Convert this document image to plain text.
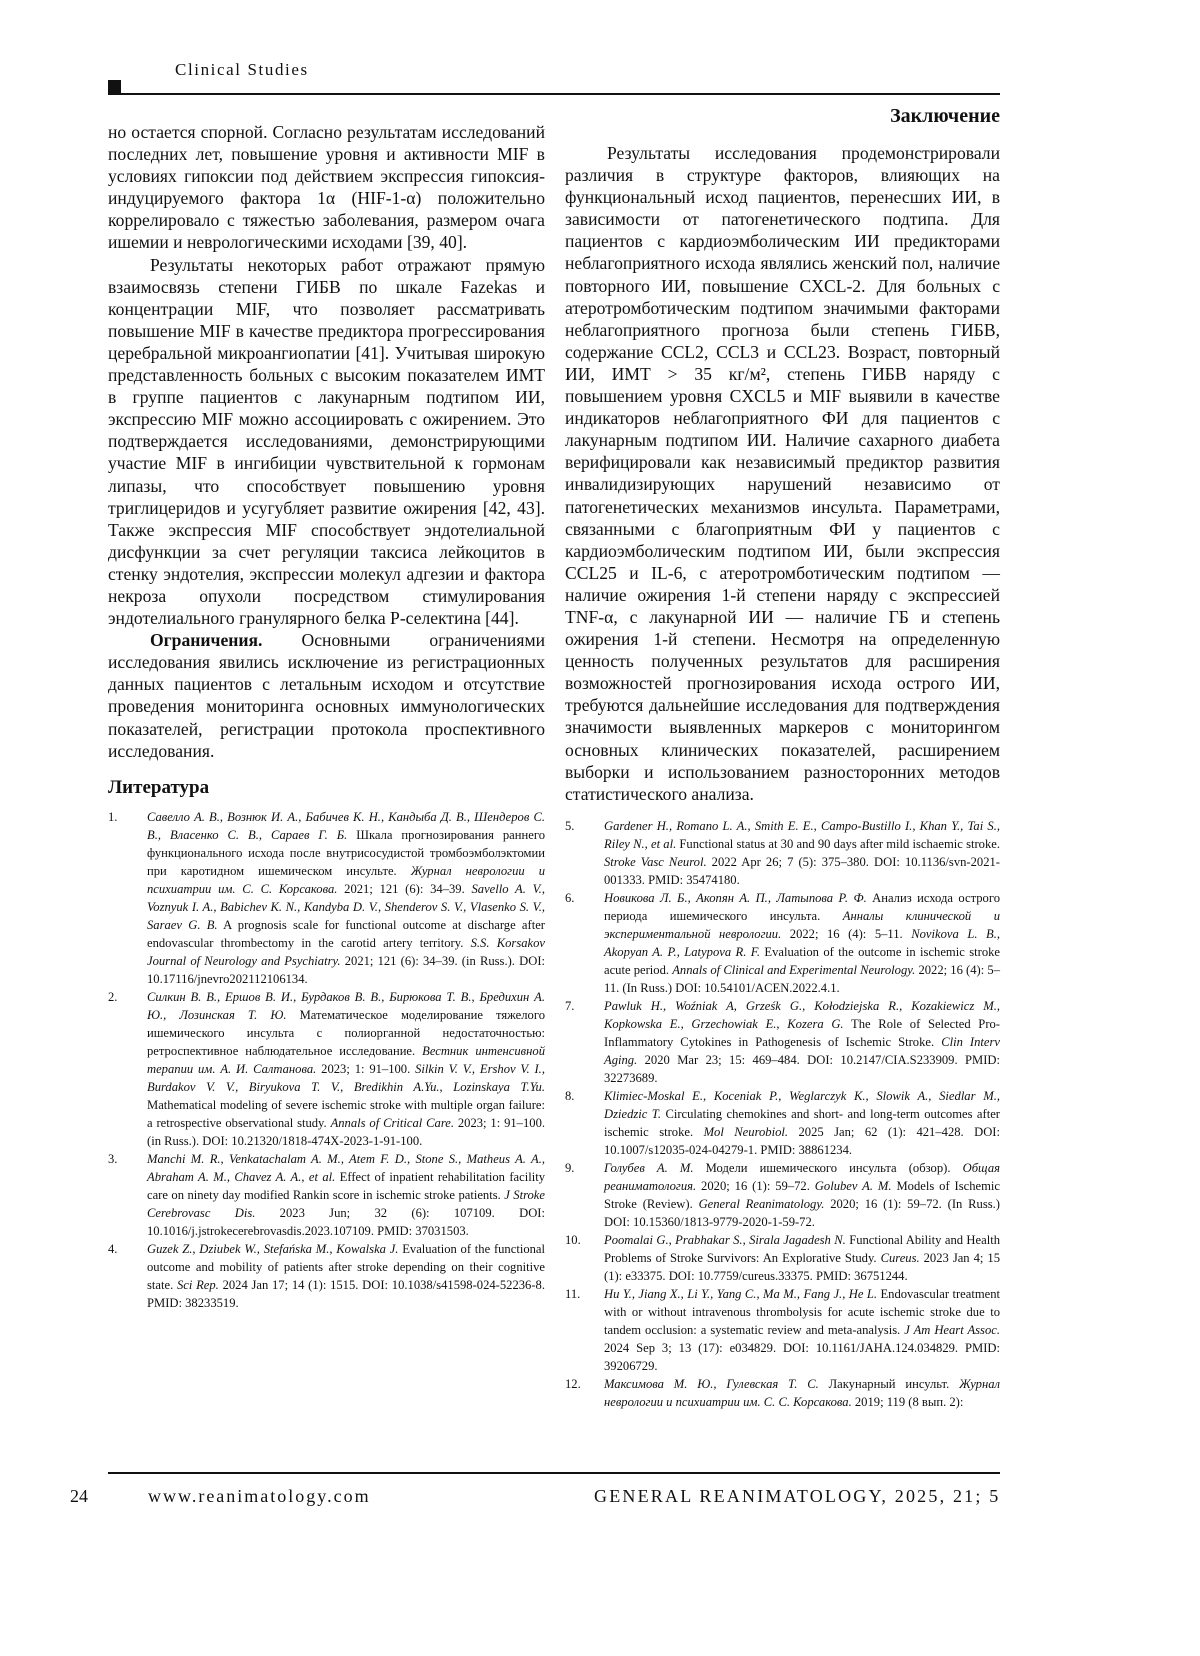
Clinical Studies

но остается спорной. Согласно результатам исследований последних лет, повышение уровня и активности MIF в условиях гипоксии под действием экспрессия гипоксия-индуцируемого фактора 1α (HIF-1-α) положительно коррелировало с тяжестью заболевания, размером очага ишемии и неврологическими исходами [39, 40].

Результаты некоторых работ отражают прямую взаимосвязь степени ГИБВ по шкале Fazekas и концентрации MIF, что позволяет рассматривать повышение MIF в качестве предиктора прогрессирования церебральной микроангиопатии [41]. Учитывая широкую представленность больных с высоким показателем ИМТ в группе пациентов с лакунарным подтипом ИИ, экспрессию MIF можно ассоциировать с ожирением. Это подтверждается исследованиями, демонстрирующими участие MIF в ингибиции чувствительной к гормонам липазы, что способствует повышению уровня триглицеридов и усугубляет развитие ожирения [42, 43]. Также экспрессия MIF способствует эндотелиальной дисфункции за счет регуляции таксиса лейкоцитов в стенку эндотелия, экспрессии молекул адгезии и фактора некроза опухоли посредством стимулирования эндотелиального гранулярного белка P-селектина [44].

Ограничения. Основными ограничениями исследования явились исключение из регистрационных данных пациентов с летальным исходом и отсутствие проведения мониторинга основных иммунологических показателей, регистрации протокола проспективного исследования.

Литература
1.	Савелло А. В., Вознюк И. А., Бабичев К. Н., Кандыба Д. В., Шендеров С. В., Власенко С. В., Сараев Г. Б. Шкала прогнозирования раннего функционального исхода после внутрисосудистой тромбоэмболэктомии при каротидном ишемическом инсульте. Журнал неврологии и психиатрии им. С. С. Корсакова. 2021; 121 (6): 34–39. Savello A. V., Voznyuk I. A., Babichev K. N., Kandyba D. V., Shenderov S. V., Vlasenko S. V., Saraev G. B. A prognosis scale for functional outcome at discharge after endovascular thrombectomy in the carotid artery territory. S.S. Korsakov Journal of Neurology and Psychiatry. 2021; 121 (6): 34–39. (in Russ.). DOI: 10.17116/jnevro202112106134.
2.	Силкин В. В., Ершов В. И., Бурдаков В. В., Бирюкова Т. В., Бредихин А. Ю., Лозинская Т. Ю. Математическое моделирование тяжелого ишемического инсульта с полиорганной недостаточностью: ретроспективное наблюдательное исследование. Вестник интенсивной терапии им. А. И. Салтанова. 2023; 1: 91–100. Silkin V. V., Ershov V. I., Burdakov V. V., Biryukova T. V., Bredikhin A.Yu., Lozinskaya T.Yu. Mathematical modeling of severe ischemic stroke with multiple organ failure: a retrospective observational study. Annals of Critical Care. 2023; 1: 91–100. (in Russ.). DOI: 10.21320/1818-474X-2023-1-91-100.
3.	Manchi M. R., Venkatachalam A. M., Atem F. D., Stone S., Matheus A. A., Abraham A. M., Chavez A. A., et al. Effect of inpatient rehabilitation facility care on ninety day modified Rankin score in ischemic stroke patients. J Stroke Cerebrovasc Dis. 2023 Jun; 32 (6): 107109. DOI: 10.1016/j.jstrokecerebrovasdis.2023.107109. PMID: 37031503.
4.	Guzek Z., Dziubek W., Stefańska M., Kowalska J. Evaluation of the functional outcome and mobility of patients after stroke depending on their cognitive state. Sci Rep. 2024 Jan 17; 14 (1): 1515. DOI: 10.1038/s41598-024-52236-8. PMID: 38233519.
Заключение

Результаты исследования продемонстрировали различия в структуре факторов, влияющих на функциональный исход пациентов, перенесших ИИ, в зависимости от патогенетического подтипа. Для пациентов с кардиоэмболическим ИИ предикторами неблагоприятного исхода являлись женский пол, наличие повторного ИИ, повышение CXCL-2. Для больных с атеротромботическим подтипом значимыми факторами неблагоприятного прогноза были степень ГИБВ, содержание CCL2, CCL3 и CCL23. Возраст, повторный ИИ, ИМТ > 35 кг/м², степень ГИБВ наряду с повышением уровня CXCL5 и MIF выявили в качестве индикаторов неблагоприятного ФИ для пациентов с лакунарным подтипом ИИ. Наличие сахарного диабета верифицировали как независимый предиктор развития инвалидизирующих нарушений независимо от патогенетических механизмов инсульта. Параметрами, связанными с благоприятным ФИ у пациентов с кардиоэмболическим подтипом ИИ, были экспрессия CCL25 и IL-6, с атеротромботическим подтипом — наличие ожирения 1-й степени наряду с экспрессией TNF-α, с лакунарной ИИ — наличие ГБ и степень ожирения 1-й степени. Несмотря на определенную ценность полученных результатов для расширения возможностей прогнозирования исхода острого ИИ, требуются дальнейшие исследования для подтверждения значимости выявленных маркеров с мониторингом основных клинических показателей, расширением выборки и использованием разносторонних методов статистического анализа.

5.	Gardener H., Romano L. A., Smith E. E., Campo-Bustillo I., Khan Y., Tai S., Riley N., et al. Functional status at 30 and 90 days after mild ischaemic stroke. Stroke Vasc Neurol. 2022 Apr 26; 7 (5): 375–380. DOI: 10.1136/svn-2021-001333. PMID: 35474180.
6.	Новикова Л. Б., Акопян А. П., Латыпова Р. Ф. Анализ исхода острого периода ишемического инсульта. Анналы клинической и экспериментальной неврологии. 2022; 16 (4): 5–11. Novikova L. B., Akopyan A. P., Latypova R. F. Evaluation of the outcome in ischemic stroke acute period. Annals of Clinical and Experimental Neurology. 2022; 16 (4): 5–11. (In Russ.) DOI: 10.54101/ACEN.2022.4.1.
7.	Pawluk H., Woźniak A, Grześk G., Kołodziejska R., Kozakiewicz M., Kopkowska E., Grzechowiak E., Kozera G. The Role of Selected Pro-Inflammatory Cytokines in Pathogenesis of Ischemic Stroke. Clin Interv Aging. 2020 Mar 23; 15: 469–484. DOI: 10.2147/CIA.S233909. PMID: 32273689.
8.	Klimiec-Moskal E., Koceniak P., Weglarczyk K., Slowik A., Siedlar M., Dziedzic T. Circulating chemokines and short- and long-term outcomes after ischemic stroke. Mol Neurobiol. 2025 Jan; 62 (1): 421–428. DOI: 10.1007/s12035-024-04279-1. PMID: 38861234.
9.	Голубев А. М. Модели ишемического инсульта (обзор). Общая реаниматология. 2020; 16 (1): 59–72. Golubev A. M. Models of Ischemic Stroke (Review). General Reanimatology. 2020; 16 (1): 59–72. (In Russ.) DOI: 10.15360/1813-9779-2020-1-59-72.
10.	Poomalai G., Prabhakar S., Sirala Jagadesh N. Functional Ability and Health Problems of Stroke Survivors: An Explorative Study. Cureus. 2023 Jan 4; 15 (1): e33375. DOI: 10.7759/cureus.33375. PMID: 36751244.
11.	Hu Y., Jiang X., Li Y., Yang C., Ma M., Fang J., He L. Endovascular treatment with or without intravenous thrombolysis for acute ischemic stroke due to tandem occlusion: a systematic review and meta-analysis. J Am Heart Assoc. 2024 Sep 3; 13 (17): e034829. DOI: 10.1161/JAHA.124.034829. PMID: 39206729.
12.	Максимова М. Ю., Гулевская Т. С. Лакунарный инсульт. Журнал неврологии и психиатрии им. С. С. Корсакова. 2019; 119 (8 вып. 2):
24	www.reanimatology.com	GENERAL REANIMATOLOGY, 2025, 21; 5
